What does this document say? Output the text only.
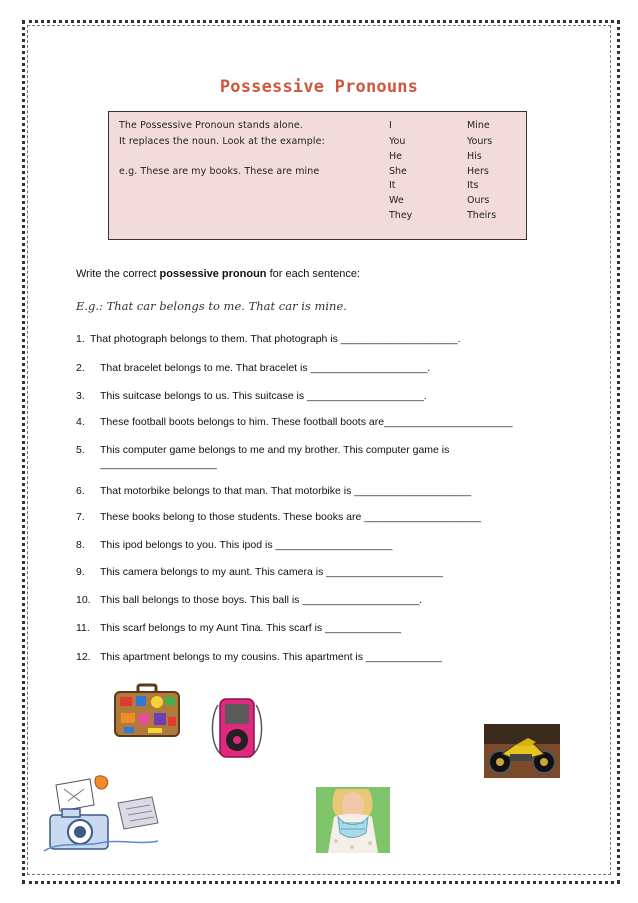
Possessive Pronouns
The Possessive Pronoun stands alone.
It replaces the noun. Look at the example:
e.g. These are my books. These are mine
I	Mine
You	Yours
He	His
She	Hers
It	Its
We	Ours
They	Theirs
Write the correct possessive pronoun for each sentence:
E.g.: That car belongs to me. That car is mine.
1. That photograph belongs to them. That photograph is ____________________.
2. That bracelet belongs to me. That bracelet is ____________________.
3. This suitcase belongs to us. This suitcase is ____________________.
4. These football boots belongs to him. These football boots are______________________
5. This computer game belongs to me and my brother. This computer game is
____________________
6. That motorbike belongs to that man. That motorbike is ____________________
7. These books belong to those students. These books are ____________________
8. This ipod belongs to you. This ipod is ____________________
9. This camera belongs to my aunt. This camera is ____________________
10. This ball belongs to those boys. This ball is ____________________.
11. This scarf belongs to my Aunt Tina. This scarf is _____________
12. This apartment belongs to my cousins. This apartment is _____________
